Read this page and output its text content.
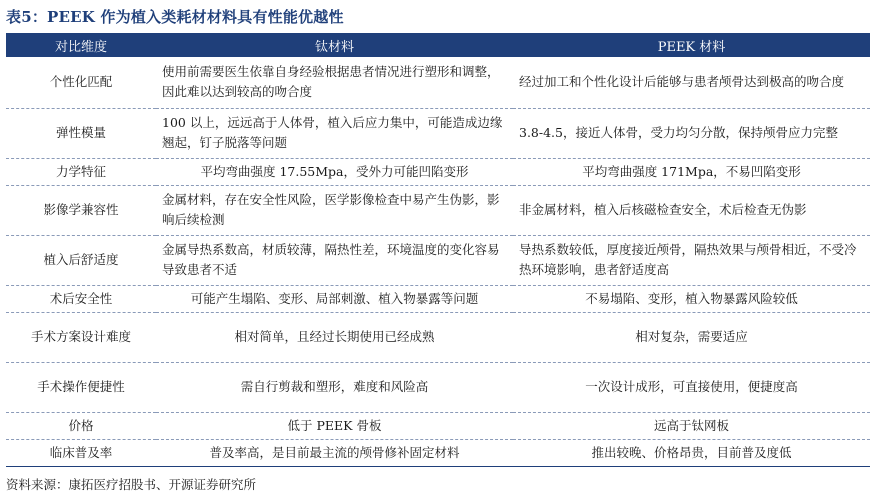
表5：PEEK 作为植入类耗材材料具有性能优越性
对比维度	钛材料	PEEK 材料
个性化匹配	使用前需要医生依靠自身经验根据患者情况进行塑形和调整，因此难以达到较高的吻合度	经过加工和个性化设计后能够与患者颅骨达到极高的吻合度
弹性模量	100 以上，远远高于人体骨，植入后应力集中，可能造成边缘翘起，钉子脱落等问题	3.8-4.5，接近人体骨，受力均匀分散，保持颅骨应力完整
力学特征	平均弯曲强度 17.55Mpa，受外力可能凹陷变形	平均弯曲强度 171Mpa，不易凹陷变形
影像学兼容性	金属材料，存在安全性风险，医学影像检查中易产生伪影，影响后续检测	非金属材料，植入后核磁检查安全，术后检查无伪影
植入后舒适度	金属导热系数高，材质较薄，隔热性差，环境温度的变化容易导致患者不适	导热系数较低，厚度接近颅骨，隔热效果与颅骨相近，不受冷热环境影响，患者舒适度高
术后安全性	可能产生塌陷、变形、局部刺激、植入物暴露等问题	不易塌陷、变形，植入物暴露风险较低
手术方案设计难度	相对简单，且经过长期使用已经成熟	相对复杂，需要适应
手术操作便捷性	需自行剪裁和塑形，难度和风险高	一次设计成形，可直接使用，便捷度高
价格	低于 PEEK 骨板	远高于钛网板
临床普及率	普及率高，是目前最主流的颅骨修补固定材料	推出较晚、价格昂贵，目前普及度低
资料来源：康拓医疗招股书、开源证券研究所
